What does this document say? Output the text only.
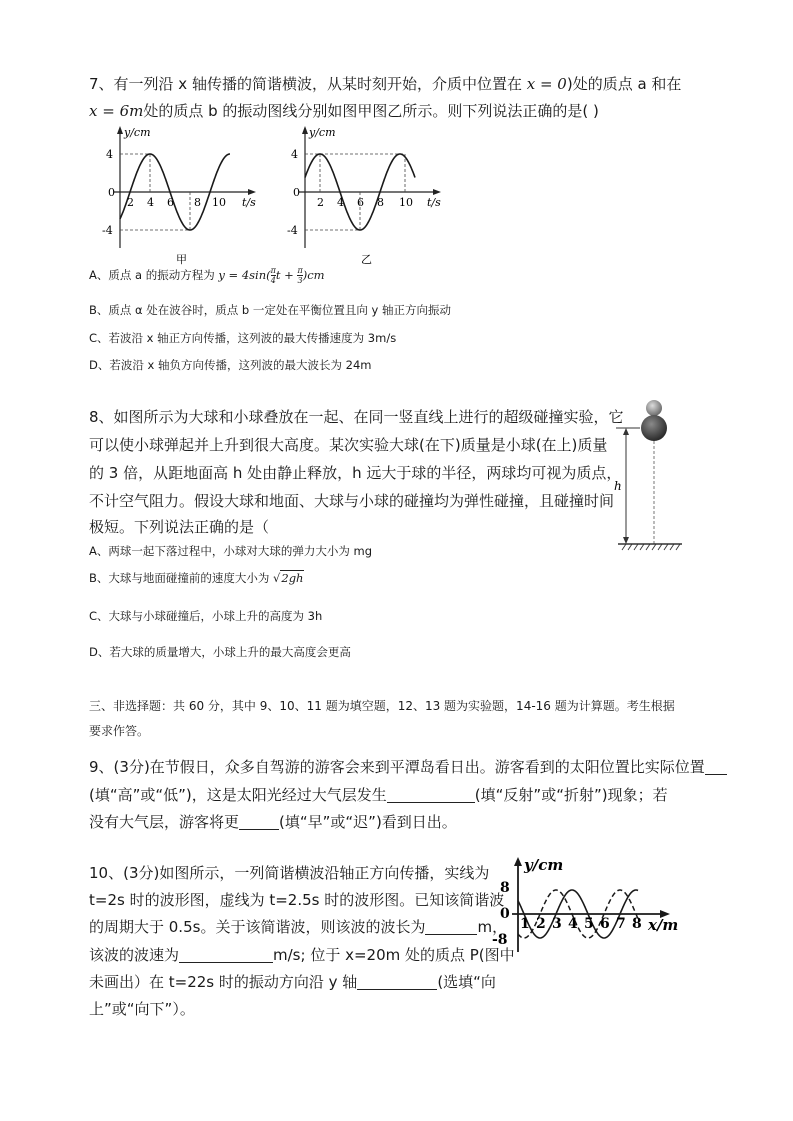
7、有一列沿 x 轴传播的简谐横波，从某时刻开始，介质中位置在 x = 0)处的质点 a 和在
x = 6m处的质点 b 的振动图线分别如图甲图乙所示。则下列说法正确的是( )
y/cm
t/s
4
0
-4
2 4 6 8 10
甲
y/cm
t/s
4
0
-4
2 4 6 8 10
乙
A、质点 a 的振动方程为 $y = 4\sin( \frac{\pi}{4}$ $t + \frac{\pi}{3} )cm$
B、质点 α 处在波谷时，质点 b 一定处在平衡位置且向 y 轴正方向振动
C、若波沿 x 轴正方向传播，这列波的最大传播速度为 3m/s
D、若波沿 x 轴负方向传播，这列波的最大波长为 24m
8、如图所示为大球和小球叠放在一起、在同一竖直线上进行的超级碰撞实验，它
可以使小球弹起并上升到很大高度。某次实验大球(在下)质量是小球(在上)质量
的 3 倍，从距地面高 h 处由静止释放，h 远大于球的半径，两球均可视为质点，
不计空气阻力。假设大球和地面、大球与小球的碰撞均为弹性碰撞，且碰撞时间
极短。下列说法正确的是（
h
A、两球一起下落过程中，小球对大球的弹力大小为 mg
B、大球与地面碰撞前的速度大小为 √2gh
C、大球与小球碰撞后，小球上升的高度为 3h
D、若大球的质量增大，小球上升的最大高度会更高
三、非选择题：共 60 分，其中 9、10、11 题为填空题，12、13 题为实验题，14-16 题为计算题。考生根据
要求作答。
9、(3分)在节假日，众多自驾游的游客会来到平潭岛看日出。游客看到的太阳位置比实际位置
(填“高”或“低”)，这是太阳光经过大气层发生	(填“反射”或“折射”)现象；若
没有大气层，游客将更	(填“早”或“迟”)看到日出。
10、(3分)如图所示，一列简谐横波沿轴正方向传播，实线为
t=2s 时的波形图，虚线为 t=2.5s 时的波形图。已知该简谐波
的周期大于 0.5s。关于该简谐波，则该波的波长为	m，
该波的波速为	m/s; 位于 x=20m 处的质点 P(图中
未画出）在 t=22s 时的振动方向沿 y 轴	(选填“向
上”或“向下”）。
y/cm
x/m
8
0
-8
1 2 3 4 5 6 7 8
